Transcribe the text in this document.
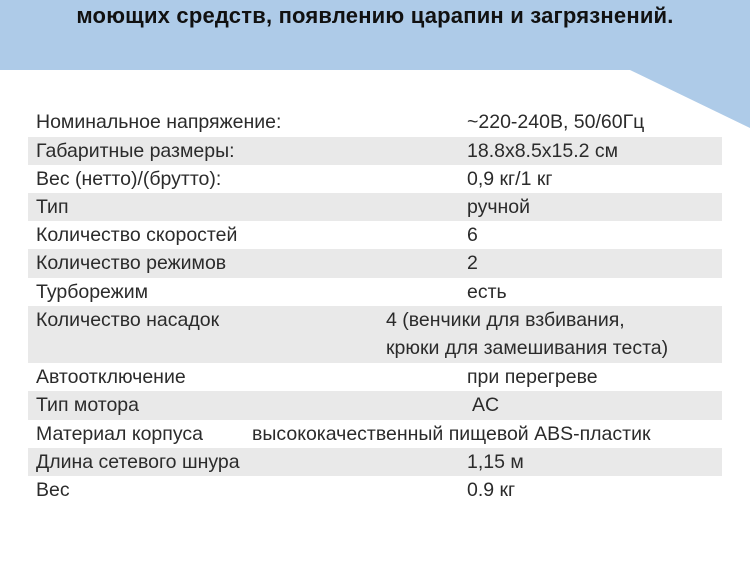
моющих средств, появлению царапин и загрязнений.
Номинальное напряжение:	~220-240В, 50/60Гц
Габаритные размеры:	18.8x8.5x15.2 см
Вес (нетто)/(брутто):	0,9 кг/1 кг
Тип	ручной
Количество скоростей	6
Количество режимов	2
Турборежим	есть
Количество насадок	4 (венчики для взбивания,
крюки для замешивания теста)
Автоотключение	при перегреве
Тип мотора	AC
Материал корпуса	высококачественный пищевой ABS-пластик
Длина сетевого шнура	1,15 м
Вес	0.9 кг
